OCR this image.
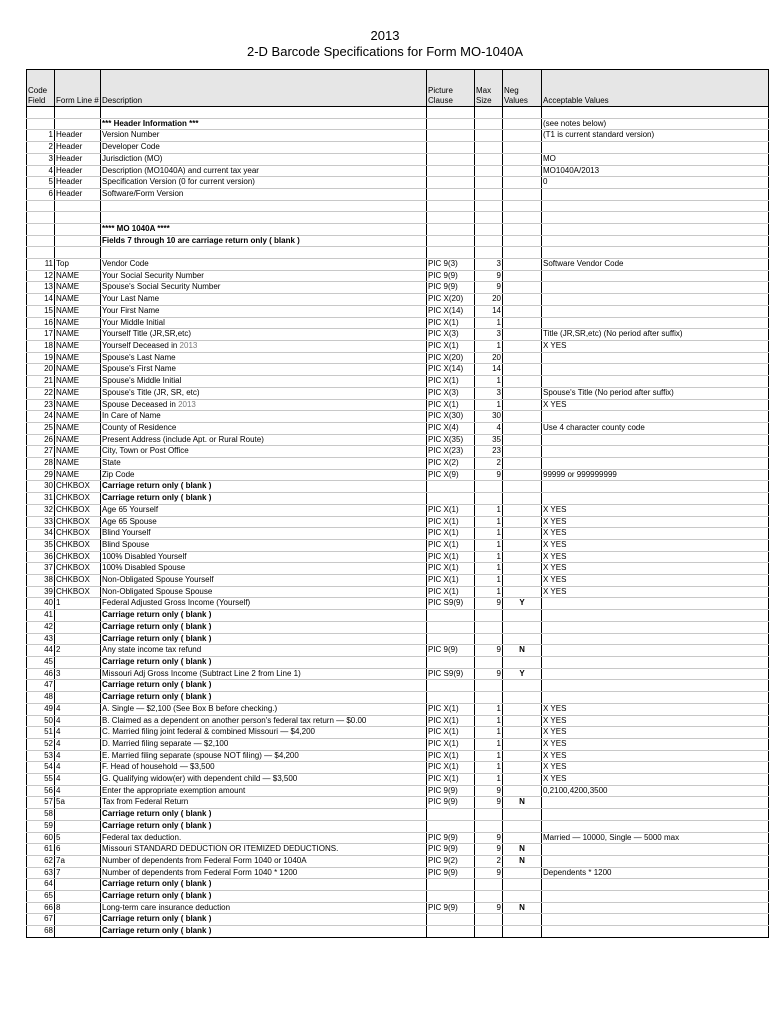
2013
2-D Barcode Specifications for Form MO-1040A
Code Field	Form Line #	Description	Picture Clause	Max Size	Neg Values	Acceptable Values

		*** Header Information ***				(see notes below)
1	Header	Version Number				(T1 is current standard version)
2	Header	Developer Code				
3	Header	Jurisdiction (MO)				MO
4	Header	Description (MO1040A) and current tax year				MO1040A/2013
5	Header	Specification Version (0 for current version)				0
6	Header	Software/Form Version				

		**** MO 1040A ****				
		Fields 7 through 10 are carriage return only ( blank )				

11	Top	Vendor Code	PIC 9(3)	3		Software Vendor Code
12	NAME	Your Social Security Number	PIC 9(9)	9		
13	NAME	Spouse's Social Security Number	PIC 9(9)	9		
14	NAME	Your Last Name	PIC X(20)	20		
15	NAME	Your First Name	PIC X(14)	14		
16	NAME	Your Middle Initial	PIC X(1)	1		
17	NAME	Yourself Title (JR,SR,etc)	PIC X(3)	3		Title (JR,SR,etc) (No period after suffix)
18	NAME	Yourself Deceased in 2013	PIC X(1)	1		X YES
19	NAME	Spouse's Last Name	PIC X(20)	20		
20	NAME	Spouse's First Name	PIC X(14)	14		
21	NAME	Spouse's Middle Initial	PIC X(1)	1		
22	NAME	Spouse's Title (JR, SR, etc)	PIC X(3)	3		Spouse's Title (No period after suffix)
23	NAME	Spouse Deceased in 2013	PIC X(1)	1		X YES
24	NAME	In Care of Name	PIC X(30)	30		
25	NAME	County of Residence	PIC X(4)	4		Use 4 character county code
26	NAME	Present Address (include Apt. or Rural Route)	PIC X(35)	35		
27	NAME	City, Town or Post Office	PIC X(23)	23		
28	NAME	State	PIC X(2)	2		
29	NAME	Zip Code	PIC X(9)	9		99999 or 999999999
30	CHKBOX	Carriage return only ( blank )				
31	CHKBOX	Carriage return only ( blank )				
32	CHKBOX	Age 65 Yourself	PIC X(1)	1		X YES
33	CHKBOX	Age 65 Spouse	PIC X(1)	1		X YES
34	CHKBOX	Blind Yourself	PIC X(1)	1		X YES
35	CHKBOX	Blind Spouse	PIC X(1)	1		X YES
36	CHKBOX	100% Disabled Yourself	PIC X(1)	1		X YES
37	CHKBOX	100% Disabled Spouse	PIC X(1)	1		X YES
38	CHKBOX	Non-Obligated Spouse Yourself	PIC X(1)	1		X YES
39	CHKBOX	Non-Obligated Spouse Spouse	PIC X(1)	1		X YES
40	1	Federal Adjusted Gross Income (Yourself)	PIC S9(9)	9	Y	
41		Carriage return only ( blank )				
42		Carriage return only ( blank )				
43		Carriage return only ( blank )				
44	2	Any state income tax refund	PIC 9(9)	9	N	
45		Carriage return only ( blank )				
46	3	Missouri Adj Gross Income (Subtract Line 2 from Line 1)	PIC S9(9)	9	Y	
47		Carriage return only ( blank )				
48		Carriage return only ( blank )				
49	4	A. Single — $2,100 (See Box B before checking.)	PIC X(1)	1		X YES
50	4	B. Claimed as a dependent on another person's federal tax return — $0.00	PIC X(1)	1		X YES
51	4	C. Married filing joint federal & combined Missouri — $4,200	PIC X(1)	1		X YES
52	4	D. Married filing separate — $2,100	PIC X(1)	1		X YES
53	4	E. Married filing separate (spouse NOT filing) — $4,200	PIC X(1)	1		X YES
54	4	F. Head of household — $3,500	PIC X(1)	1		X YES
55	4	G. Qualifying widow(er) with dependent child — $3,500	PIC X(1)	1		X YES
56	4	Enter the appropriate exemption amount	PIC 9(9)	9		0,2100,4200,3500
57	5a	Tax from Federal Return	PIC 9(9)	9	N	
58		Carriage return only ( blank )				
59		Carriage return only ( blank )				
60	5	Federal tax deduction.	PIC 9(9)	9		Married — 10000, Single — 5000 max
61	6	Missouri STANDARD DEDUCTION OR ITEMIZED DEDUCTIONS.	PIC 9(9)	9	N	
62	7a	Number of dependents from Federal Form 1040 or 1040A	PIC 9(2)	2	N	
63	7	Number of dependents from Federal Form 1040 * 1200	PIC 9(9)	9		Dependents * 1200
64		Carriage return only ( blank )				
65		Carriage return only ( blank )				
66	8	Long-term care insurance deduction	PIC 9(9)	9	N	
67		Carriage return only ( blank )				
68		Carriage return only ( blank )				
